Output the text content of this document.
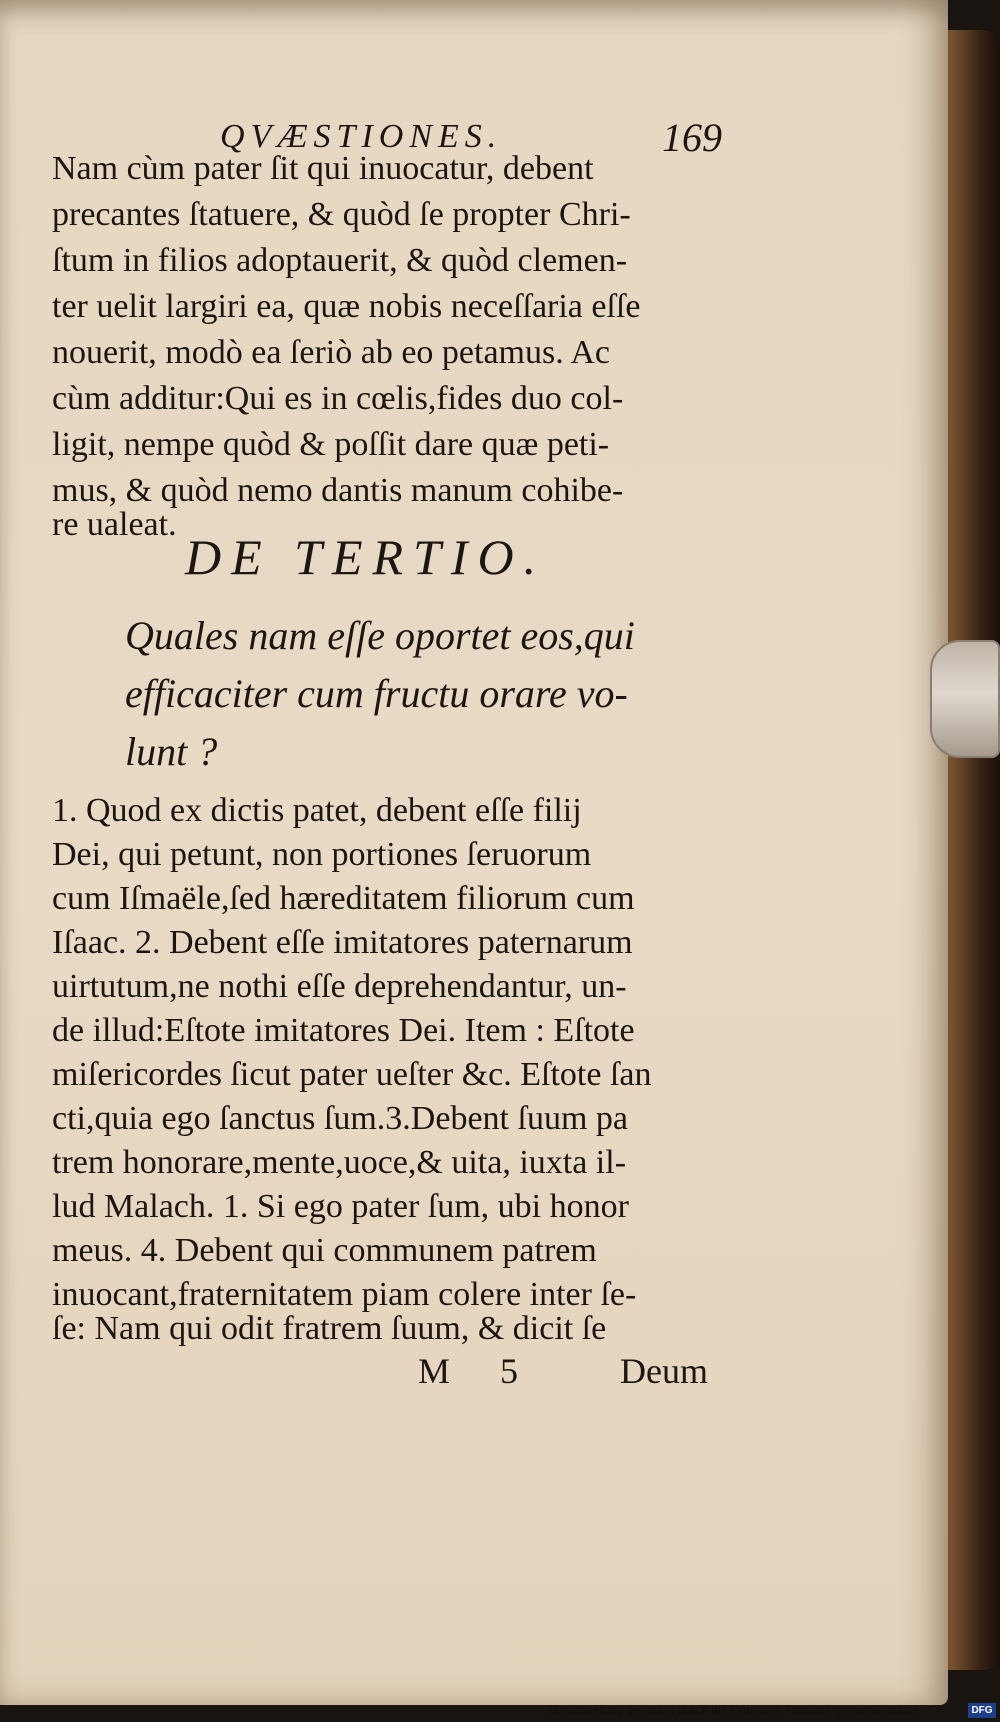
QVÆSTIONES.	169
Nam cùm pater ſit qui inuocatur, debent
precantes ſtatuere, & quòd ſe propter Chri-
ſtum in filios adoptauerit, & quòd clemen-
ter uelit largiri ea, quæ nobis neceſſaria eſſe
nouerit, modò ea ſeriò ab eo petamus. Ac
cùm additur:Qui es in cœlis,fides duo col-
ligit, nempe quòd & poſſit dare quæ peti-
mus, & quòd nemo dantis manum cohibe-
re ualeat.
DE TERTIO.
Quales nam eſſe oportet eos,qui
efficaciter cum fructu orare vo-
lunt ?
1. Quod ex dictis patet, debent eſſe filij
Dei, qui petunt, non portiones ſeruorum
cum Iſmaële,ſed hæreditatem filiorum cum
Iſaac. 2. Debent eſſe imitatores paternarum
uirtutum,ne nothi eſſe deprehendantur, un-
de illud:Eſtote imitatores Dei. Item : Eſtote
miſericordes ſicut pater ueſter &c. Eſtote ſan
cti,quia ego ſanctus ſum.3.Debent ſuum pa
trem honorare,mente,uoce,& uita, iuxta il-
lud Malach. 1. Si ego pater ſum, ubi honor
meus. 4. Debent qui communem patrem
inuocant,fraternitatem piam colere inter ſe-
ſe: Nam qui odit fratrem ſuum, & dicit ſe
M 5	Deum
Digitalisierung gefördert durch die Deutsche Forschungsgemeinschaft -	DFG
